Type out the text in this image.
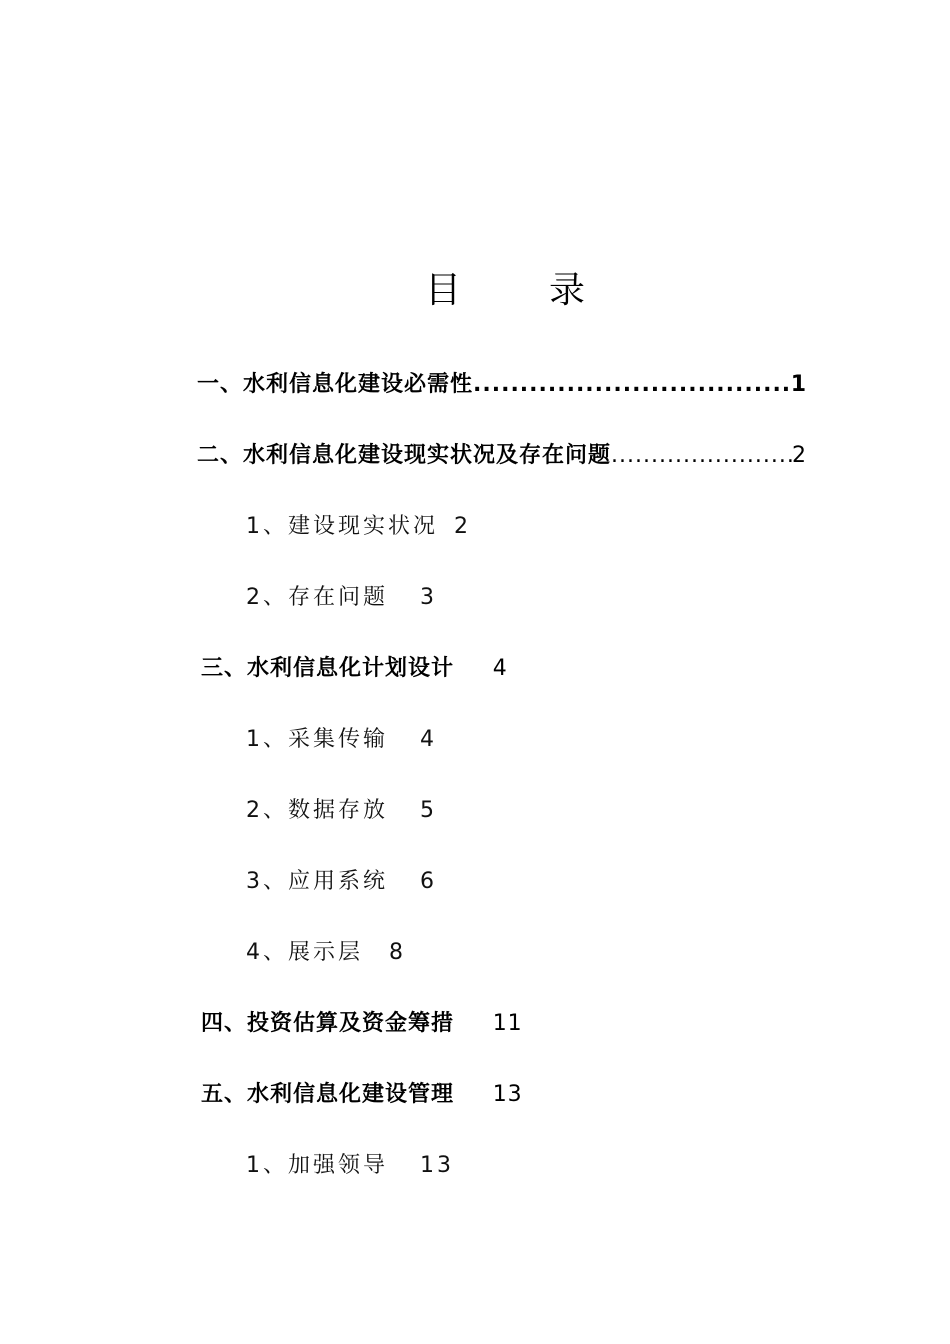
目 录
一、水利信息化建设必需性 .....	1
二、水利信息化建设现实状况及存在问题 .....	2
1、建设现实状况 2
2、存在问题 3
三、水利信息化计划设计 4
1、采集传输 4
2、数据存放 5
3、应用系统 6
4、展示层 8
四、投资估算及资金筹措 11
五、水利信息化建设管理 13
1、加强领导 13
